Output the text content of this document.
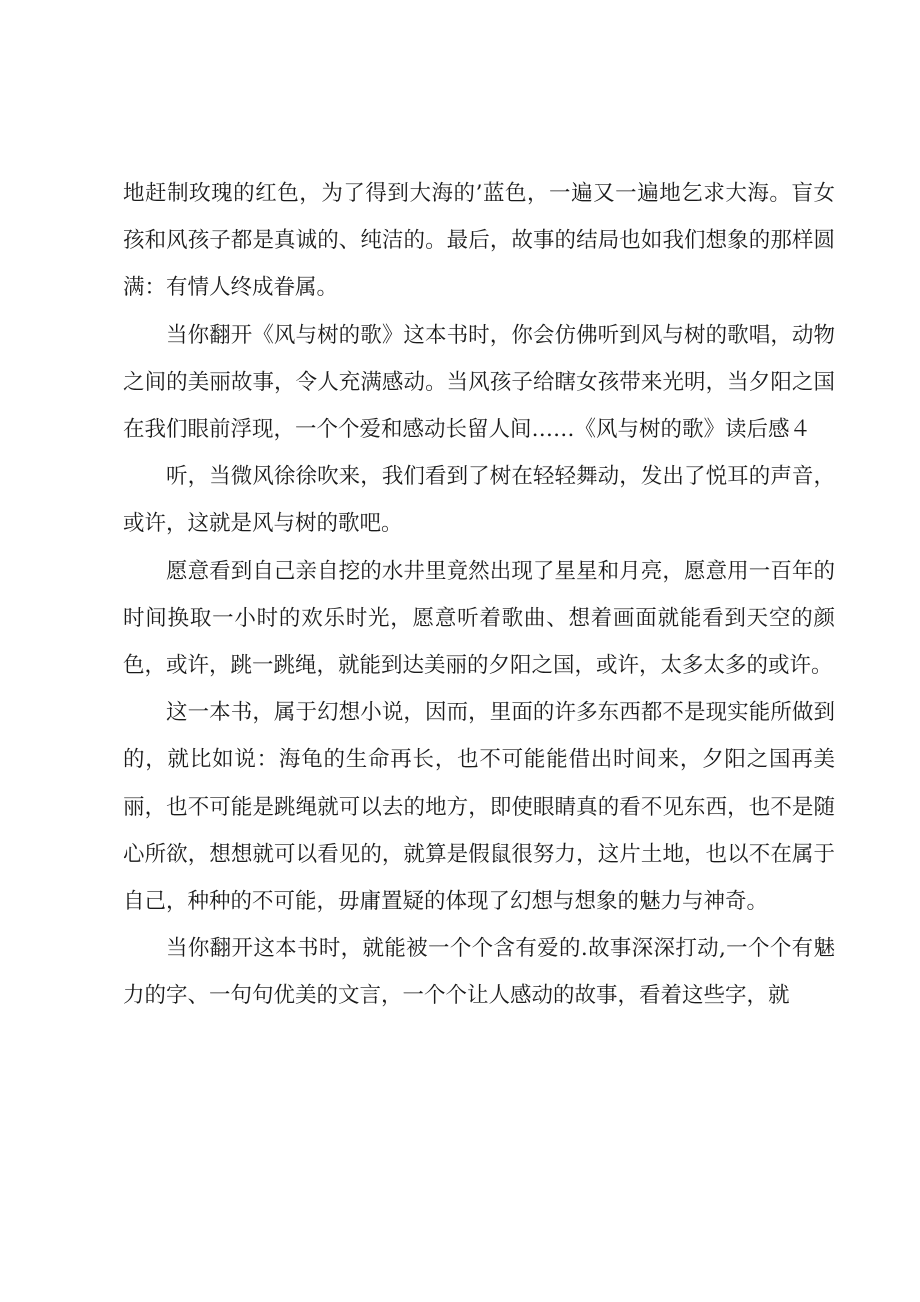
地赶制玫瑰的红色，为了得到大海的’蓝色，一遍又一遍地乞求大海。盲女孩和风孩子都是真诚的、纯洁的。最后，故事的结局也如我们想象的那样圆满：有情人终成眷属。

当你翻开《风与树的歌》这本书时，你会仿佛听到风与树的歌唱，动物之间的美丽故事，令人充满感动。当风孩子给瞎女孩带来光明，当夕阳之国在我们眼前浮现，一个个爱和感动长留人间……《风与树的歌》读后感４

听，当微风徐徐吹来，我们看到了树在轻轻舞动，发出了悦耳的声音，或许，这就是风与树的歌吧。

愿意看到自己亲自挖的水井里竟然出现了星星和月亮，愿意用一百年的时间换取一小时的欢乐时光，愿意听着歌曲、想着画面就能看到天空的颜色，或许，跳一跳绳，就能到达美丽的夕阳之国，或许，太多太多的或许。

这一本书，属于幻想小说，因而，里面的许多东西都不是现实能所做到的，就比如说：海龟的生命再长，也不可能能借出时间来，夕阳之国再美丽，也不可能是跳绳就可以去的地方，即使眼睛真的看不见东西，也不是随心所欲，想想就可以看见的，就算是假鼠很努力，这片土地，也以不在属于自己，种种的不可能，毋庸置疑的体现了幻想与想象的魅力与神奇。

当你翻开这本书时，就能被一个个含有爱的.故事深深打动,一个个有魅力的字、一句句优美的文言，一个个让人感动的故事，看着这些字，就
